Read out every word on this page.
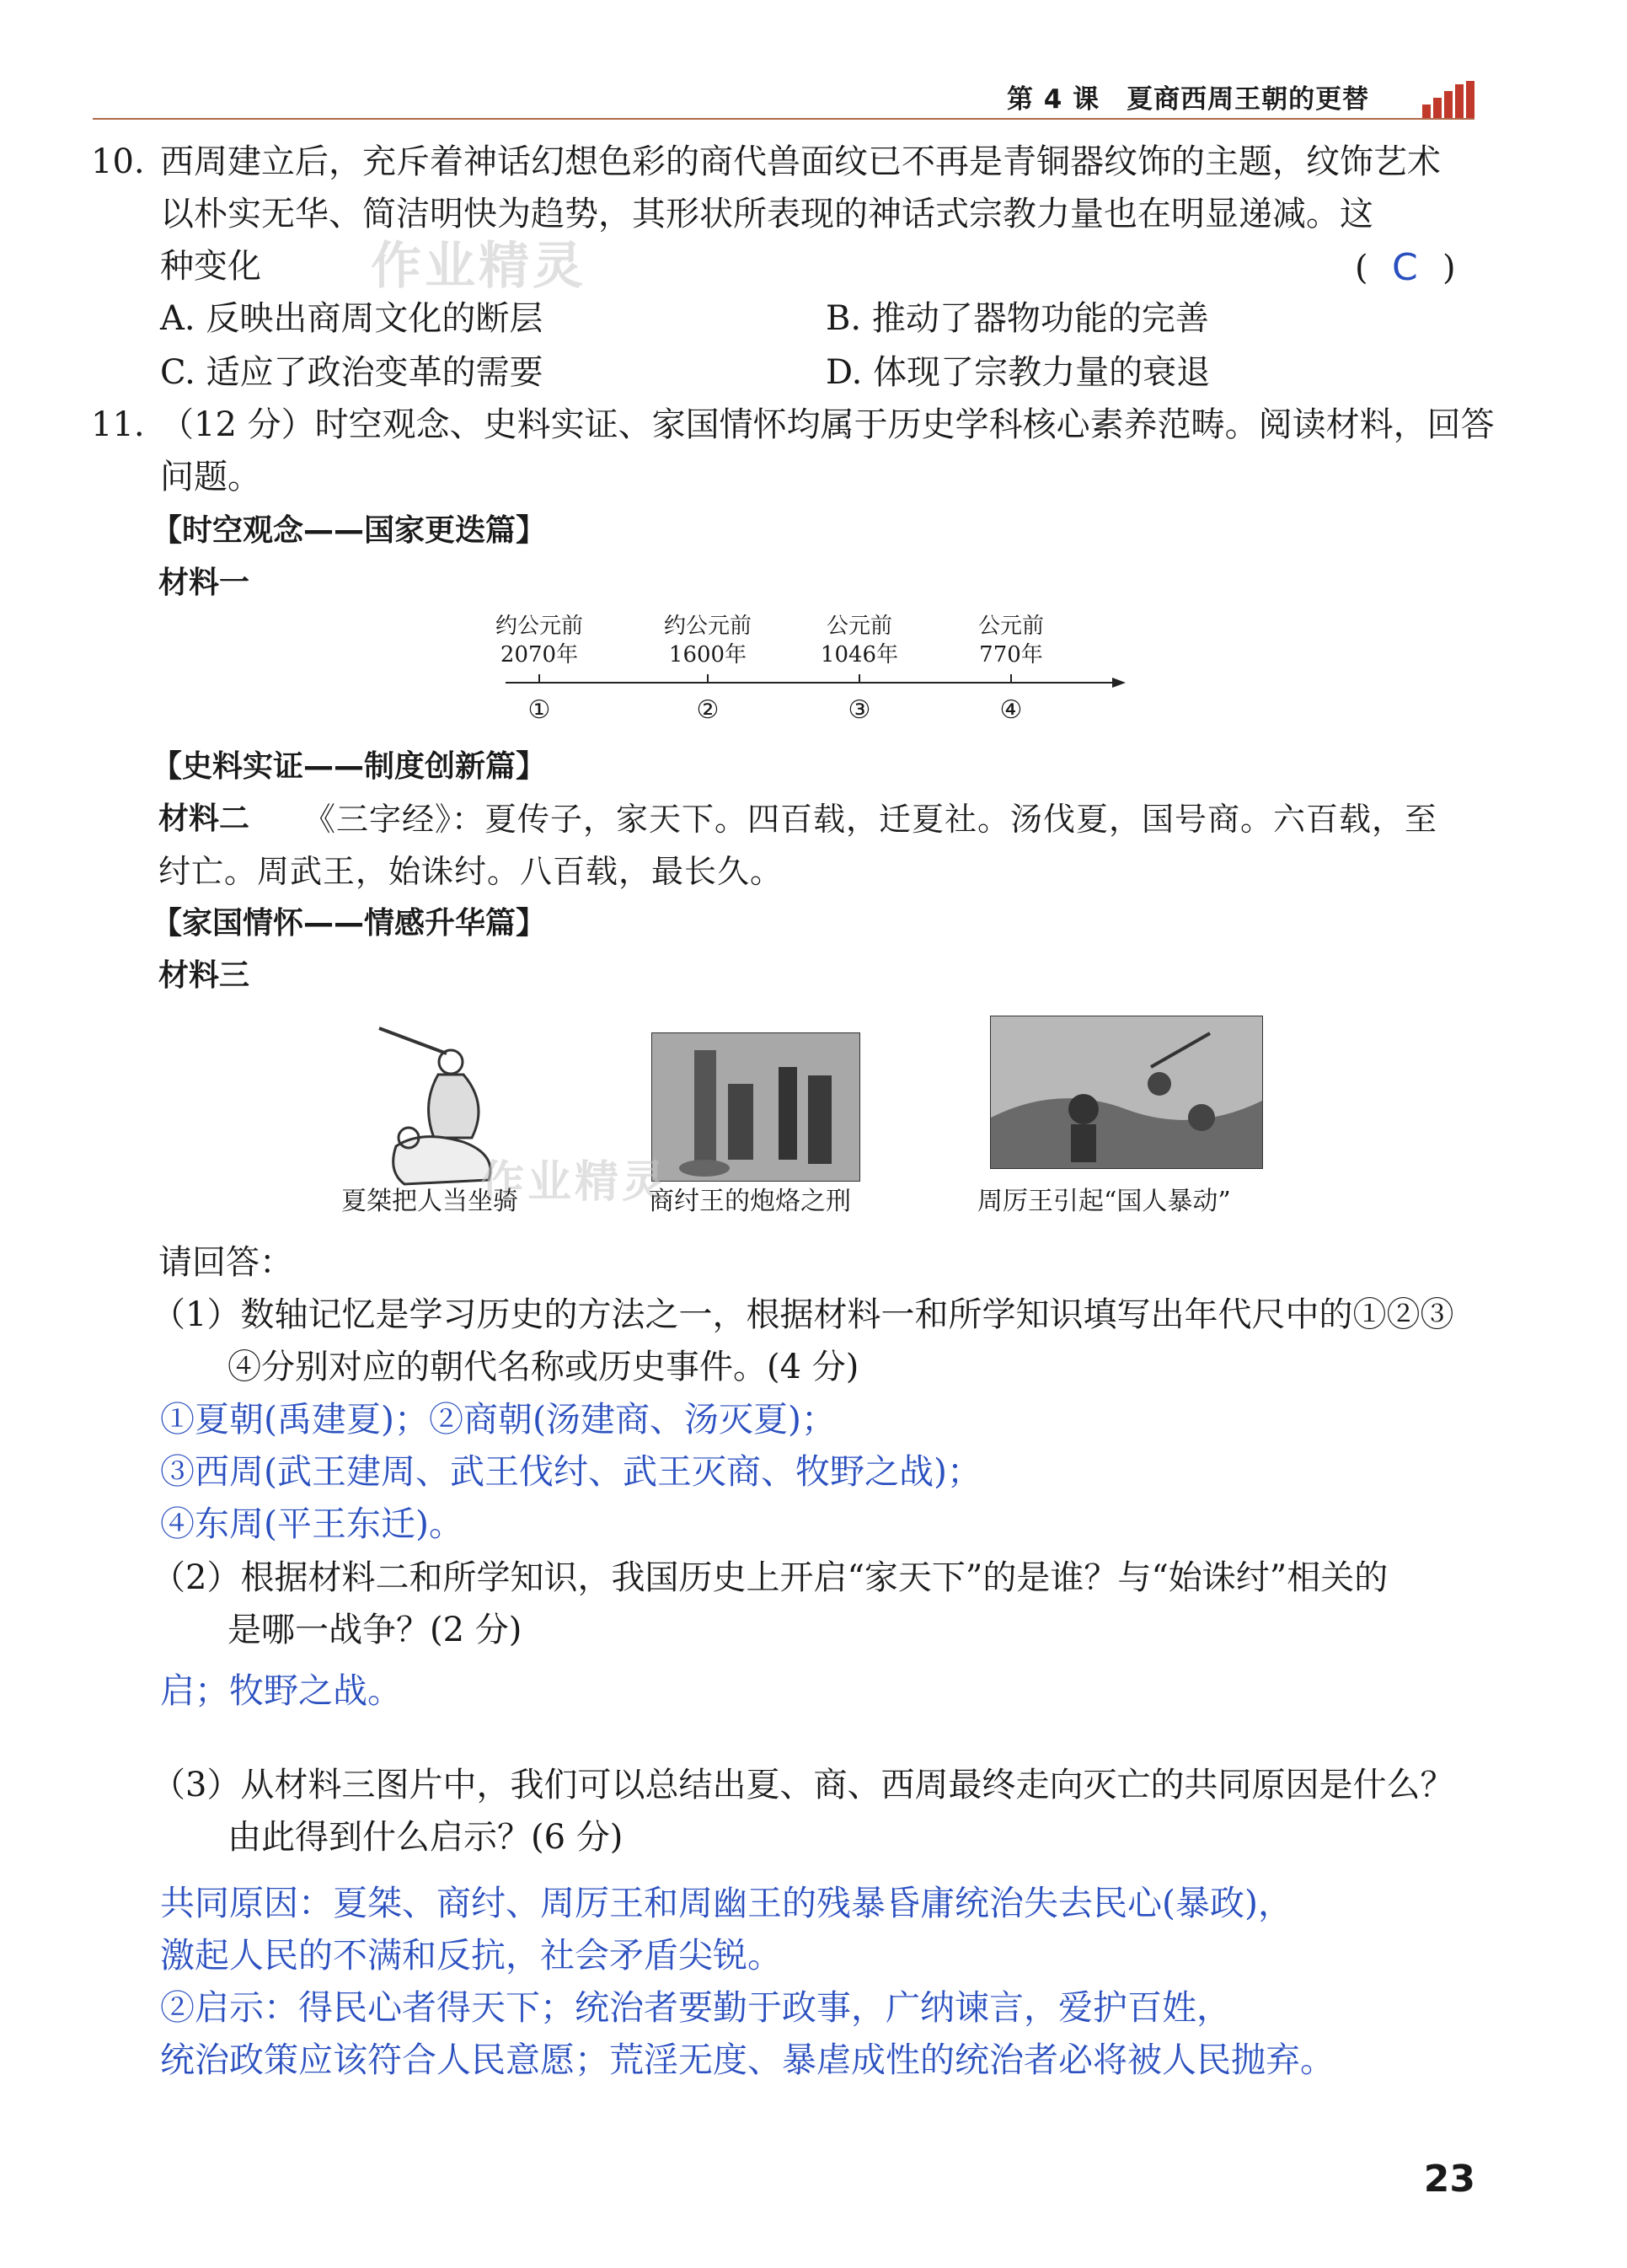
第 4 课　夏商西周王朝的更替
10. 西周建立后，充斥着神话幻想色彩的商代兽面纹已不再是青铜器纹饰的主题，纹饰艺术
以朴实无华、简洁明快为趋势，其形状所表现的神话式宗教力量也在明显递减。这
种变化 作业精灵	( C )
A. 反映出商周文化的断层	B. 推动了器物功能的完善
C. 适应了政治变革的需要	D. 体现了宗教力量的衰退
11. （12 分）时空观念、史料实证、家国情怀均属于历史学科核心素养范畴。阅读材料，回答
问题。
【时空观念——国家更迭篇】
材料一
约公元前
2070年
约公元前
1600年
公元前
1046年
公元前
770年
①	②	③	④
【史料实证——制度创新篇】
材料二 《三字经》：夏传子，家天下。四百载，迁夏社。汤伐夏，国号商。六百载，至
纣亡。周武王，始诛纣。八百载，最长久。
【家国情怀——情感升华篇】
材料三
作业精灵
夏桀把人当坐骑	商纣王的炮烙之刑	周厉王引起“国人暴动”
请回答：
（1）数轴记忆是学习历史的方法之一，根据材料一和所学知识填写出年代尺中的①②③
④分别对应的朝代名称或历史事件。(4 分)
①夏朝(禹建夏)；②商朝(汤建商、汤灭夏)；
③西周(武王建周、武王伐纣、武王灭商、牧野之战)；
④东周(平王东迁)。
（2）根据材料二和所学知识，我国历史上开启“家天下”的是谁？与“始诛纣”相关的
是哪一战争？(2 分)
启；牧野之战。
（3）从材料三图片中，我们可以总结出夏、商、西周最终走向灭亡的共同原因是什么？
由此得到什么启示？(6 分)
共同原因：夏桀、商纣、周厉王和周幽王的残暴昏庸统治失去民心(暴政)，
激起人民的不满和反抗，社会矛盾尖锐。
②启示：得民心者得天下；统治者要勤于政事，广纳谏言，爱护百姓，
统治政策应该符合人民意愿；荒淫无度、暴虐成性的统治者必将被人民抛弃。
23
